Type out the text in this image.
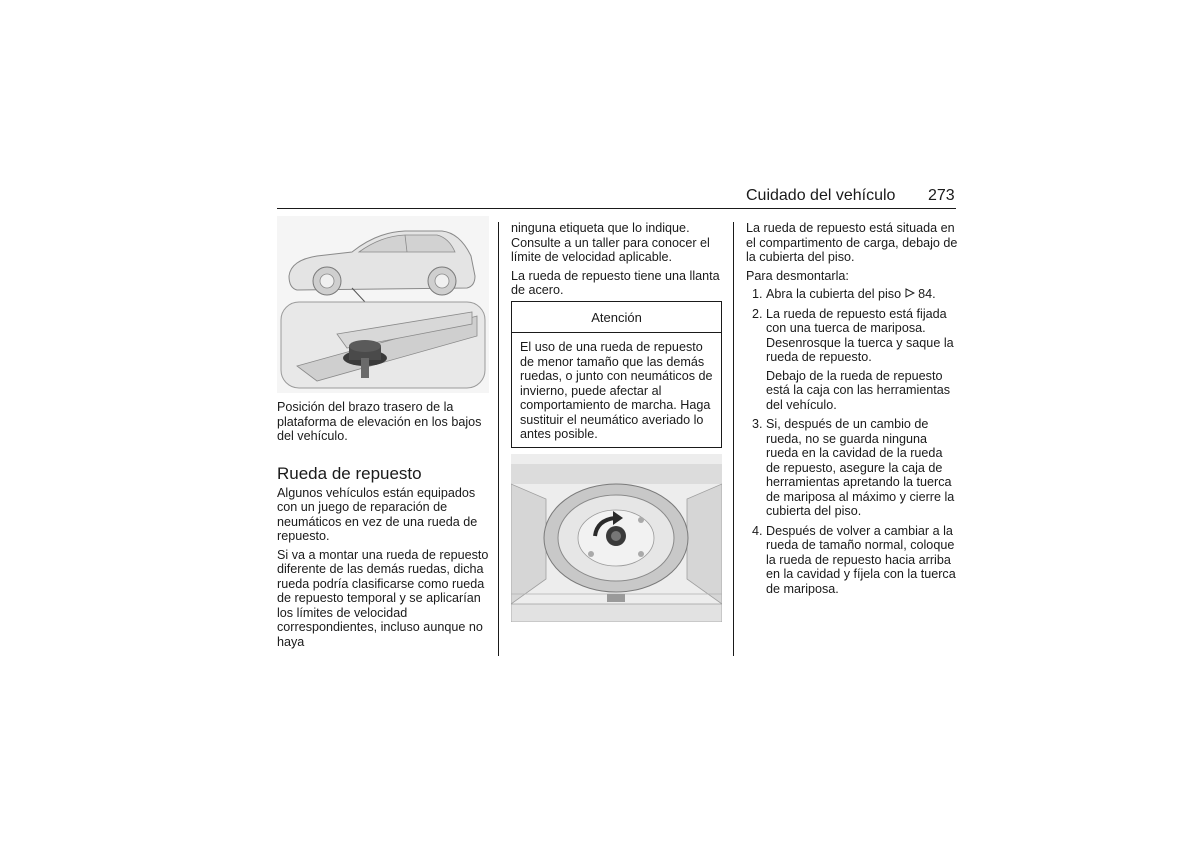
Cuidado del vehículo 273

Posición del brazo trasero de la plataforma de elevación en los bajos del vehículo.

Rueda de repuesto

Algunos vehículos están equipados con un juego de reparación de neumáticos en vez de una rueda de repuesto.

Si va a montar una rueda de repuesto diferente de las demás ruedas, dicha rueda podría clasificarse como rueda de repuesto temporal y se aplicarían los límites de velocidad correspondientes, incluso aunque no haya

ninguna etiqueta que lo indique. Consulte a un taller para conocer el límite de velocidad aplicable.

La rueda de repuesto tiene una llanta de acero.

Atención
El uso de una rueda de repuesto de menor tamaño que las demás ruedas, o junto con neumáticos de invierno, puede afectar al comportamiento de marcha. Haga sustituir el neumático averiado lo antes posible.

La rueda de repuesto está situada en el compartimento de carga, debajo de la cubierta del piso.

Para desmontarla:

1. Abra la cubierta del piso 84.
2. La rueda de repuesto está fijada con una tuerca de mariposa. Desenrosque la tuerca y saque la rueda de repuesto.
Debajo de la rueda de repuesto está la caja con las herramientas del vehículo.
3. Si, después de un cambio de rueda, no se guarda ninguna rueda en la cavidad de la rueda de repuesto, asegure la caja de herramientas apretando la tuerca de mariposa al máximo y cierre la cubierta del piso.
4. Después de volver a cambiar a la rueda de tamaño normal, coloque la rueda de repuesto hacia arriba en la cavidad y fíjela con la tuerca de mariposa.
